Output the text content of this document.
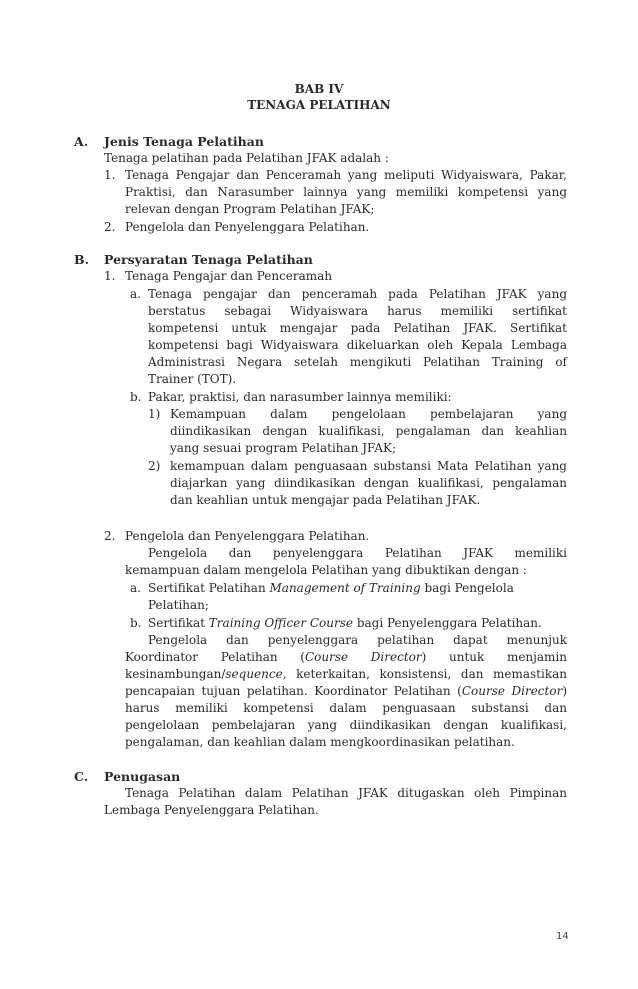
BAB IV
TENAGA PELATIHAN
A. Jenis Tenaga Pelatihan
Tenaga pelatihan pada Pelatihan JFAK adalah :
1. Tenaga Pengajar dan Penceramah yang meliputi Widyaiswara, Pakar,
Praktisi, dan Narasumber lainnya yang memiliki kompetensi yang
relevan dengan Program Pelatihan JFAK;
2. Pengelola dan Penyelenggara Pelatihan.
B. Persyaratan Tenaga Pelatihan
1. Tenaga Pengajar dan Penceramah
a. Tenaga pengajar dan penceramah pada Pelatihan JFAK yang
berstatus sebagai Widyaiswara harus memiliki sertifikat
kompetensi untuk mengajar pada Pelatihan JFAK. Sertifikat
kompetensi bagi Widyaiswara dikeluarkan oleh Kepala Lembaga
Administrasi Negara setelah mengikuti Pelatihan Training of
Trainer (TOT).
b. Pakar, praktisi, dan narasumber lainnya memiliki:
1) Kemampuan dalam pengelolaan pembelajaran yang
diindikasikan dengan kualifikasi, pengalaman dan keahlian
yang sesuai program Pelatihan JFAK;
2) kemampuan dalam penguasaan substansi Mata Pelatihan yang
diajarkan yang diindikasikan dengan kualifikasi, pengalaman
dan keahlian untuk mengajar pada Pelatihan JFAK.
2. Pengelola dan Penyelenggara Pelatihan.
Pengelola dan penyelenggara Pelatihan JFAK memiliki
kemampuan dalam mengelola Pelatihan yang dibuktikan dengan :
a. Sertifikat Pelatihan Management of Training bagi Pengelola
Pelatihan;
b. Sertifikat Training Officer Course bagi Penyelenggara Pelatihan.
Pengelola dan penyelenggara pelatihan dapat menunjuk
Koordinator Pelatihan (Course Director) untuk menjamin
kesinambungan/sequence, keterkaitan, konsistensi, dan memastikan
pencapaian tujuan pelatihan. Koordinator Pelatihan (Course Director)
harus memiliki kompetensi dalam penguasaan substansi dan
pengelolaan pembelajaran yang diindikasikan dengan kualifikasi,
pengalaman, dan keahlian dalam mengkoordinasikan pelatihan.
C. Penugasan
Tenaga Pelatihan dalam Pelatihan JFAK ditugaskan oleh Pimpinan
Lembaga Penyelenggara Pelatihan.
14
